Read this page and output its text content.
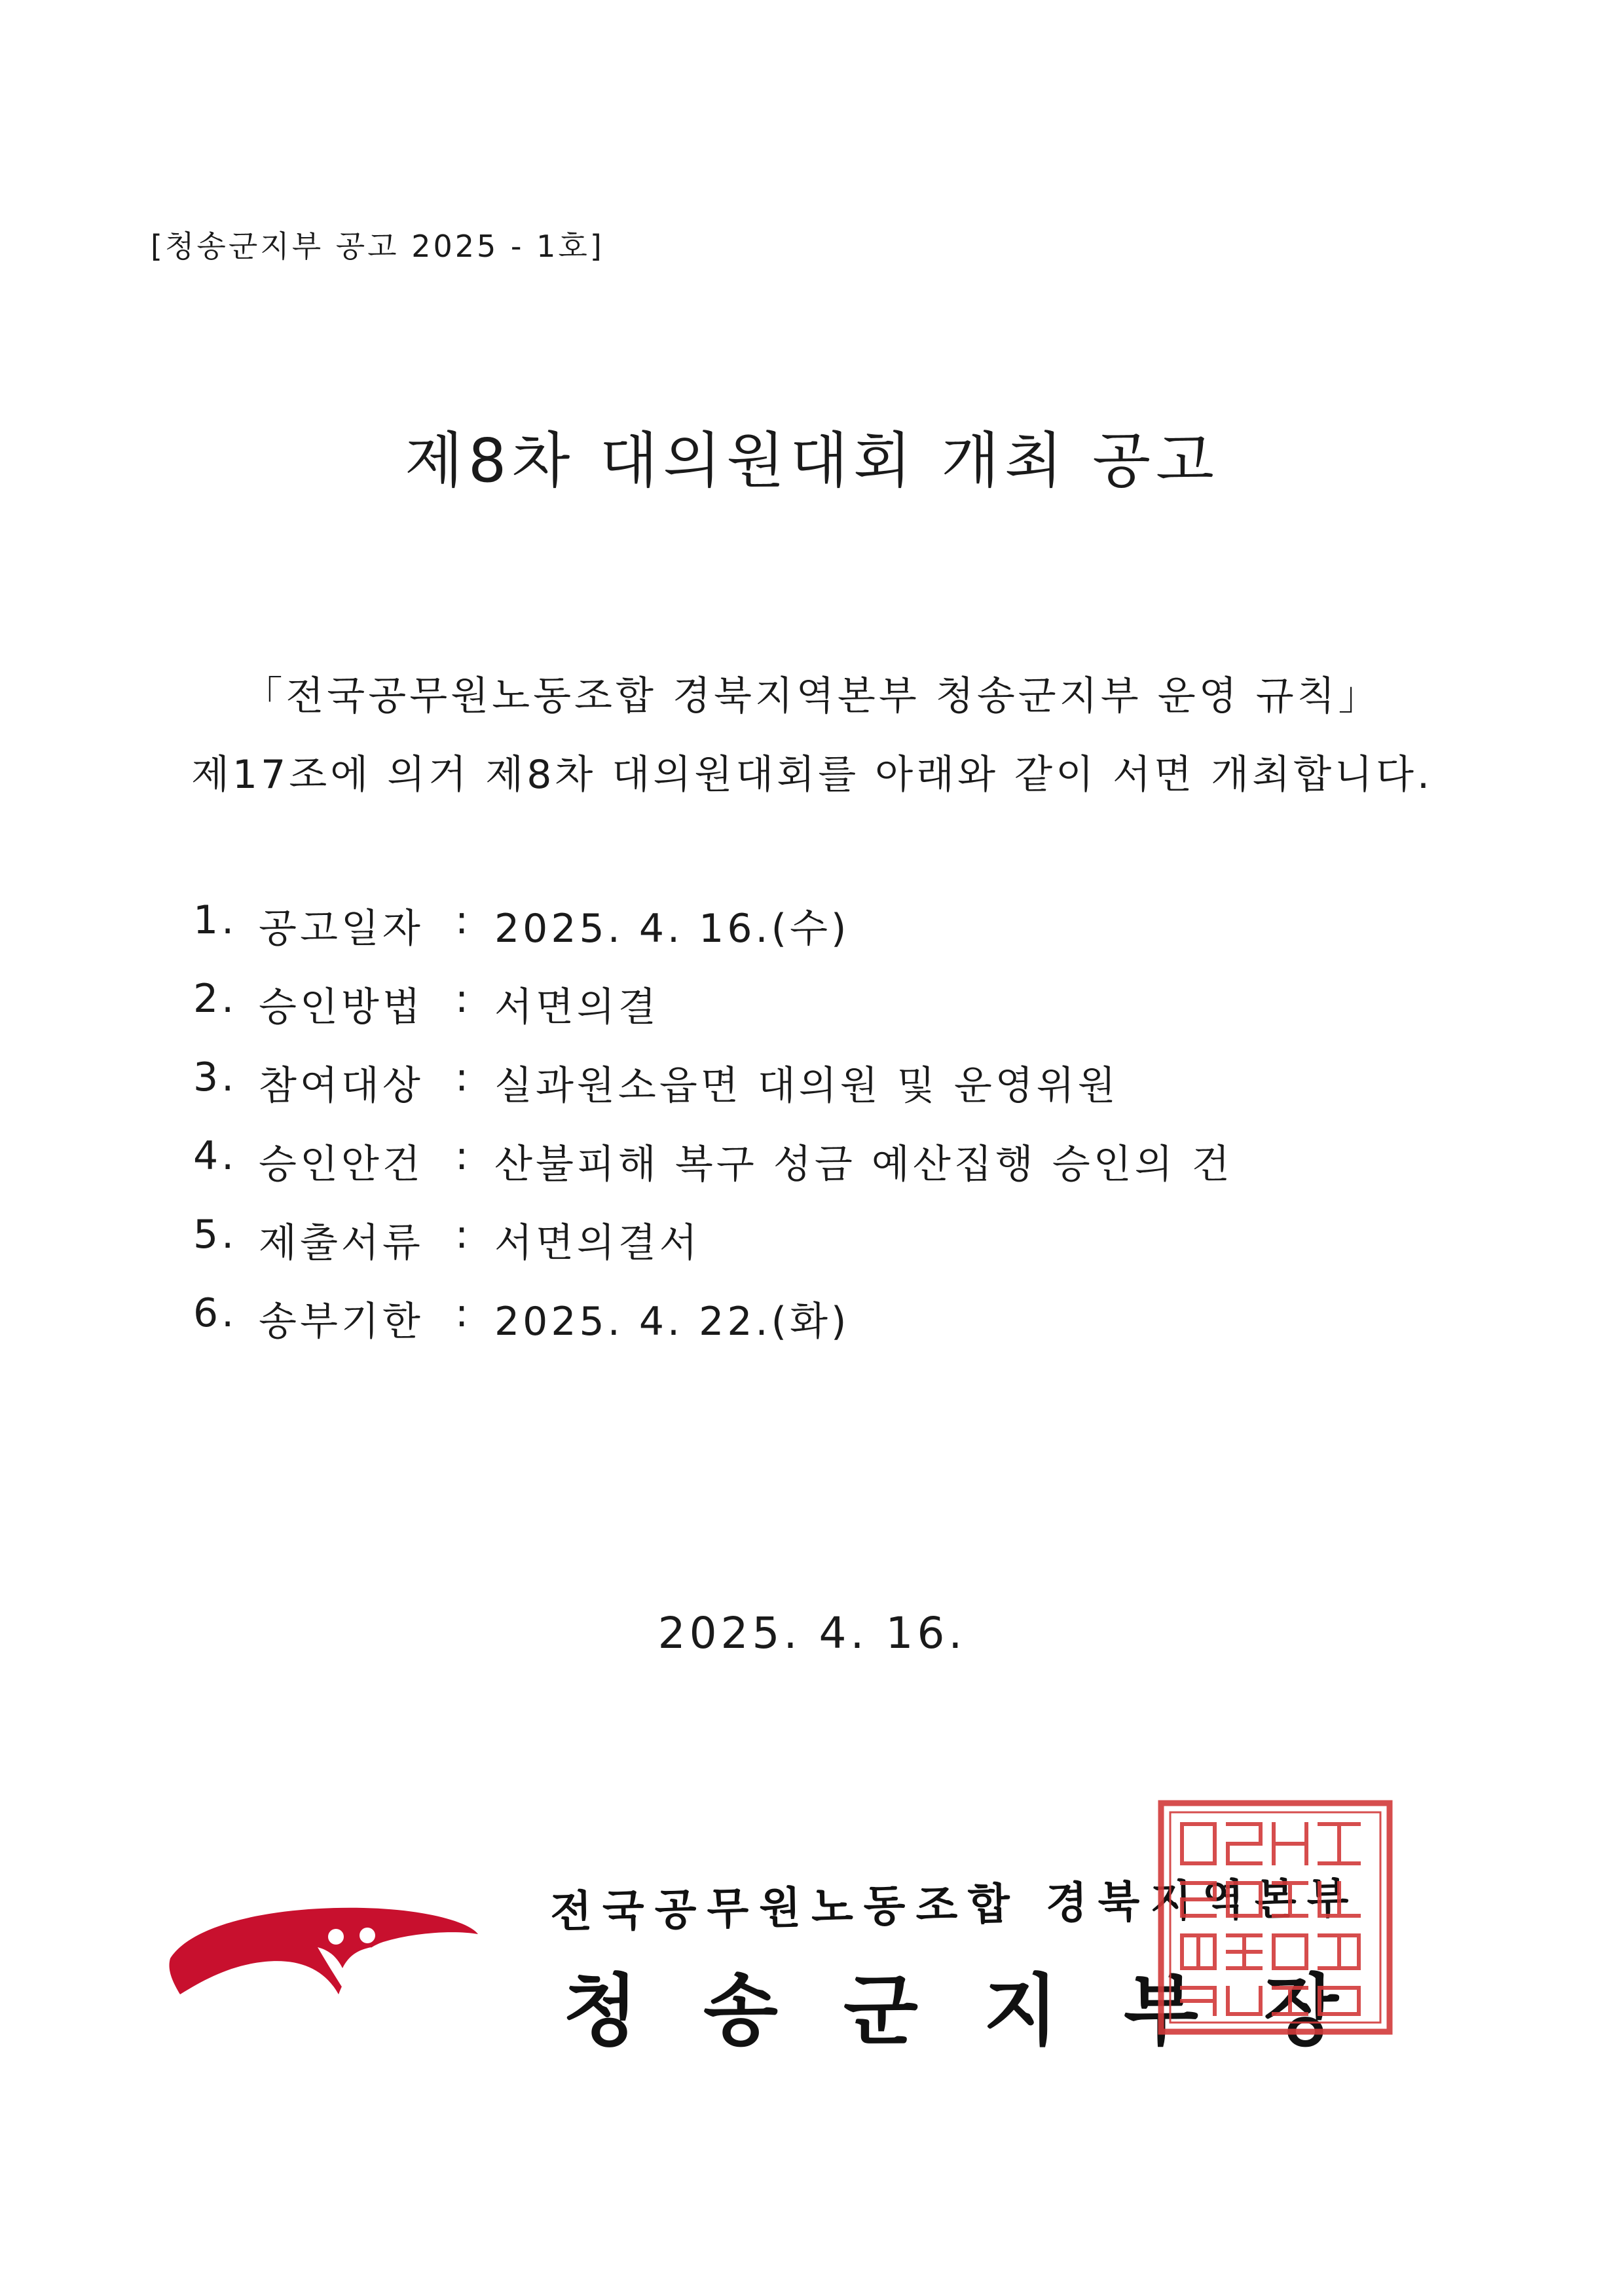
[청송군지부 공고 2025 - 1호]
제8차 대의원대회 개최 공고
「전국공무원노동조합 경북지역본부 청송군지부 운영 규칙」
제17조에 의거 제8차 대의원대회를 아래와 같이 서면 개최합니다.
1. 공고일자 : 2025. 4. 16.(수)
2. 승인방법 : 서면의결
3. 참여대상 : 실과원소읍면 대의원 및 운영위원
4. 승인안건 : 산불피해 복구 성금 예산집행 승인의 건
5. 제출서류 : 서면의결서
6. 송부기한 : 2025. 4. 22.(화)
2025. 4. 16.
전국공무원노동조합 경북지역본부
청송군지부장
